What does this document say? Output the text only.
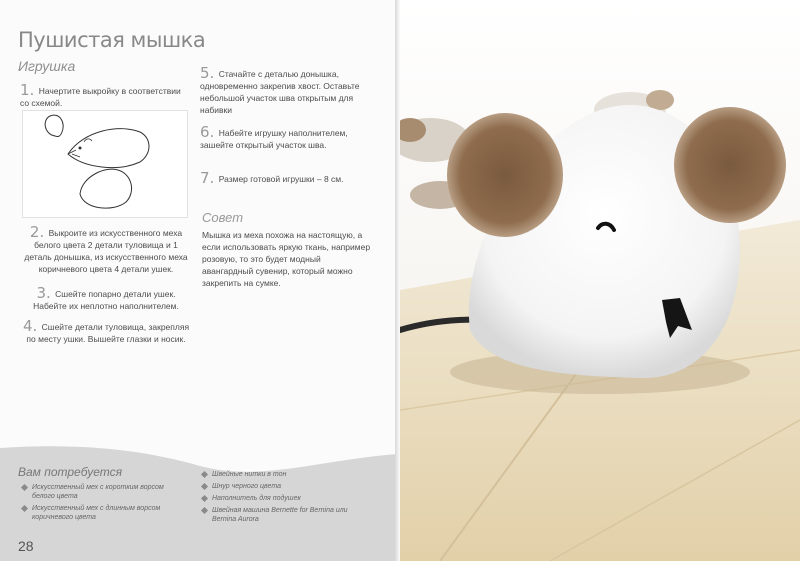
Пушистая мышка
Игрушка
1. Начертите выкройку в соответствии со схемой.
2. Выкроите из искусственного меха белого цвета 2 детали туловища и 1 деталь донышка, из искусственного меха коричневого цвета 4 детали ушек.
3. Сшейте попарно детали ушек. Набейте их неплотно наполнителем.
4. Сшейте детали туловища, закрепляя по месту ушки. Вышейте глазки и носик.
5. Стачайте с деталью донышка, одновременно закрепив хвост. Оставьте небольшой участок шва открытым для набивки
6. Набейте игрушку наполнителем, зашейте открытый участок шва.
7. Размер готовой игрушки – 8 см.
Совет
Мышка из меха похожа на настоящую, а если использовать яркую ткань, например розовую, то это будет модный авангардный сувенир, который можно закрепить на сумке.
Вам потребуется
Искусственный мех с коротким ворсом белого цвета
Искусственный мех с длинным ворсом коричневого цвета
Швейные нитки в тон
Шнур черного цвета
Наполнитель для подушек
Швейная машина Bernette for Bernina или Bernina Aurora
28
